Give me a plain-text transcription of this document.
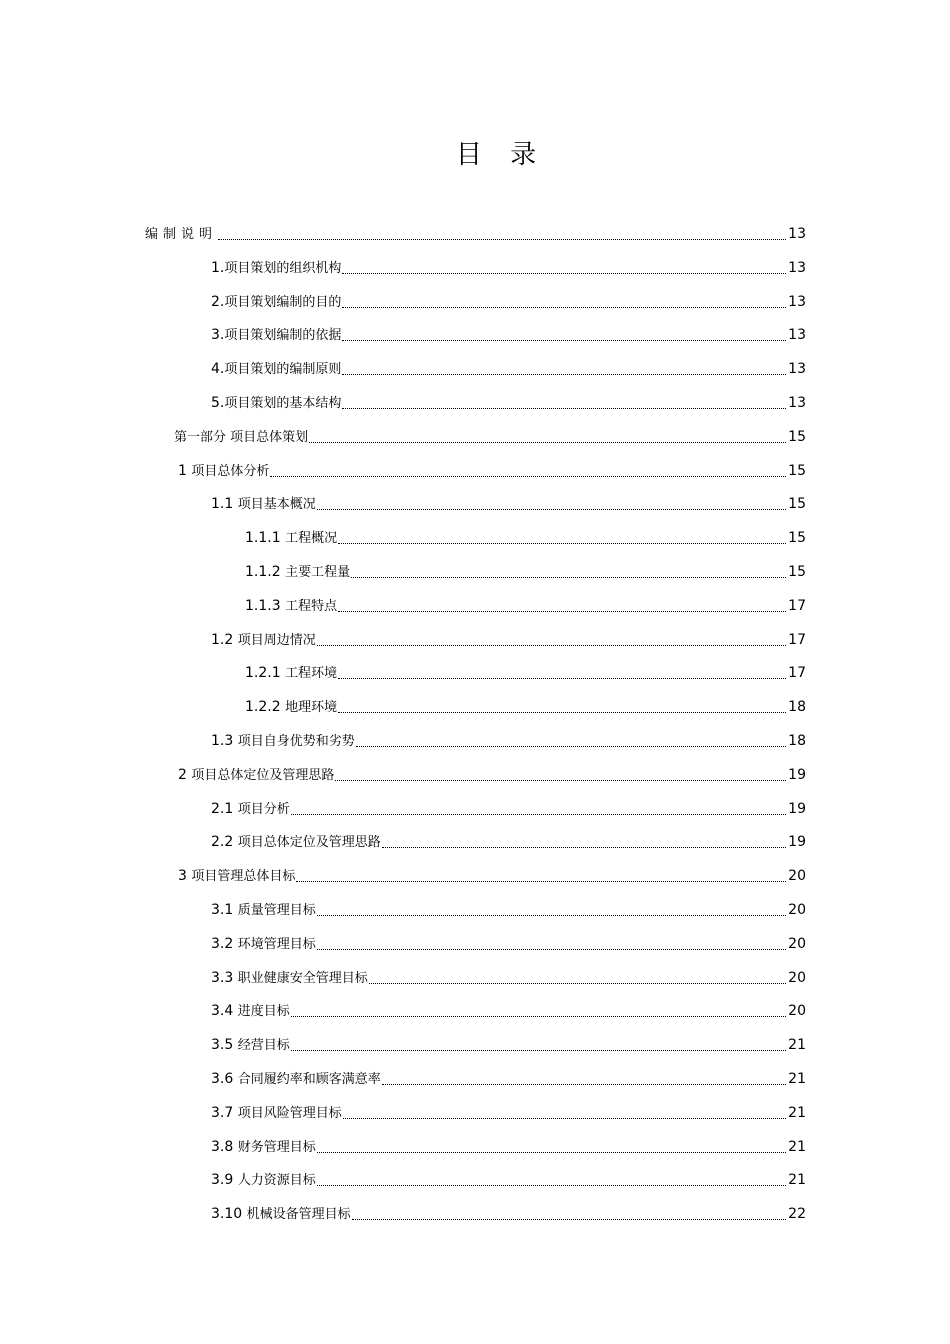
目 录
编制说明	13
1.项目策划的组织机构	13
2.项目策划编制的目的	13
3.项目策划编制的依据	13
4.项目策划的编制原则	13
5.项目策划的基本结构	13
第一部分 项目总体策划	15
1 项目总体分析	15
1.1 项目基本概况	15
1.1.1 工程概况	15
1.1.2 主要工程量	15
1.1.3 工程特点	17
1.2 项目周边情况	17
1.2.1 工程环境	17
1.2.2 地理环境	18
1.3 项目自身优势和劣势	18
2 项目总体定位及管理思路	19
2.1 项目分析	19
2.2 项目总体定位及管理思路	19
3 项目管理总体目标	20
3.1 质量管理目标	20
3.2 环境管理目标	20
3.3 职业健康安全管理目标	20
3.4 进度目标	20
3.5 经营目标	21
3.6 合同履约率和顾客满意率	21
3.7 项目风险管理目标	21
3.8 财务管理目标	21
3.9 人力资源目标	21
3.10 机械设备管理目标	22
